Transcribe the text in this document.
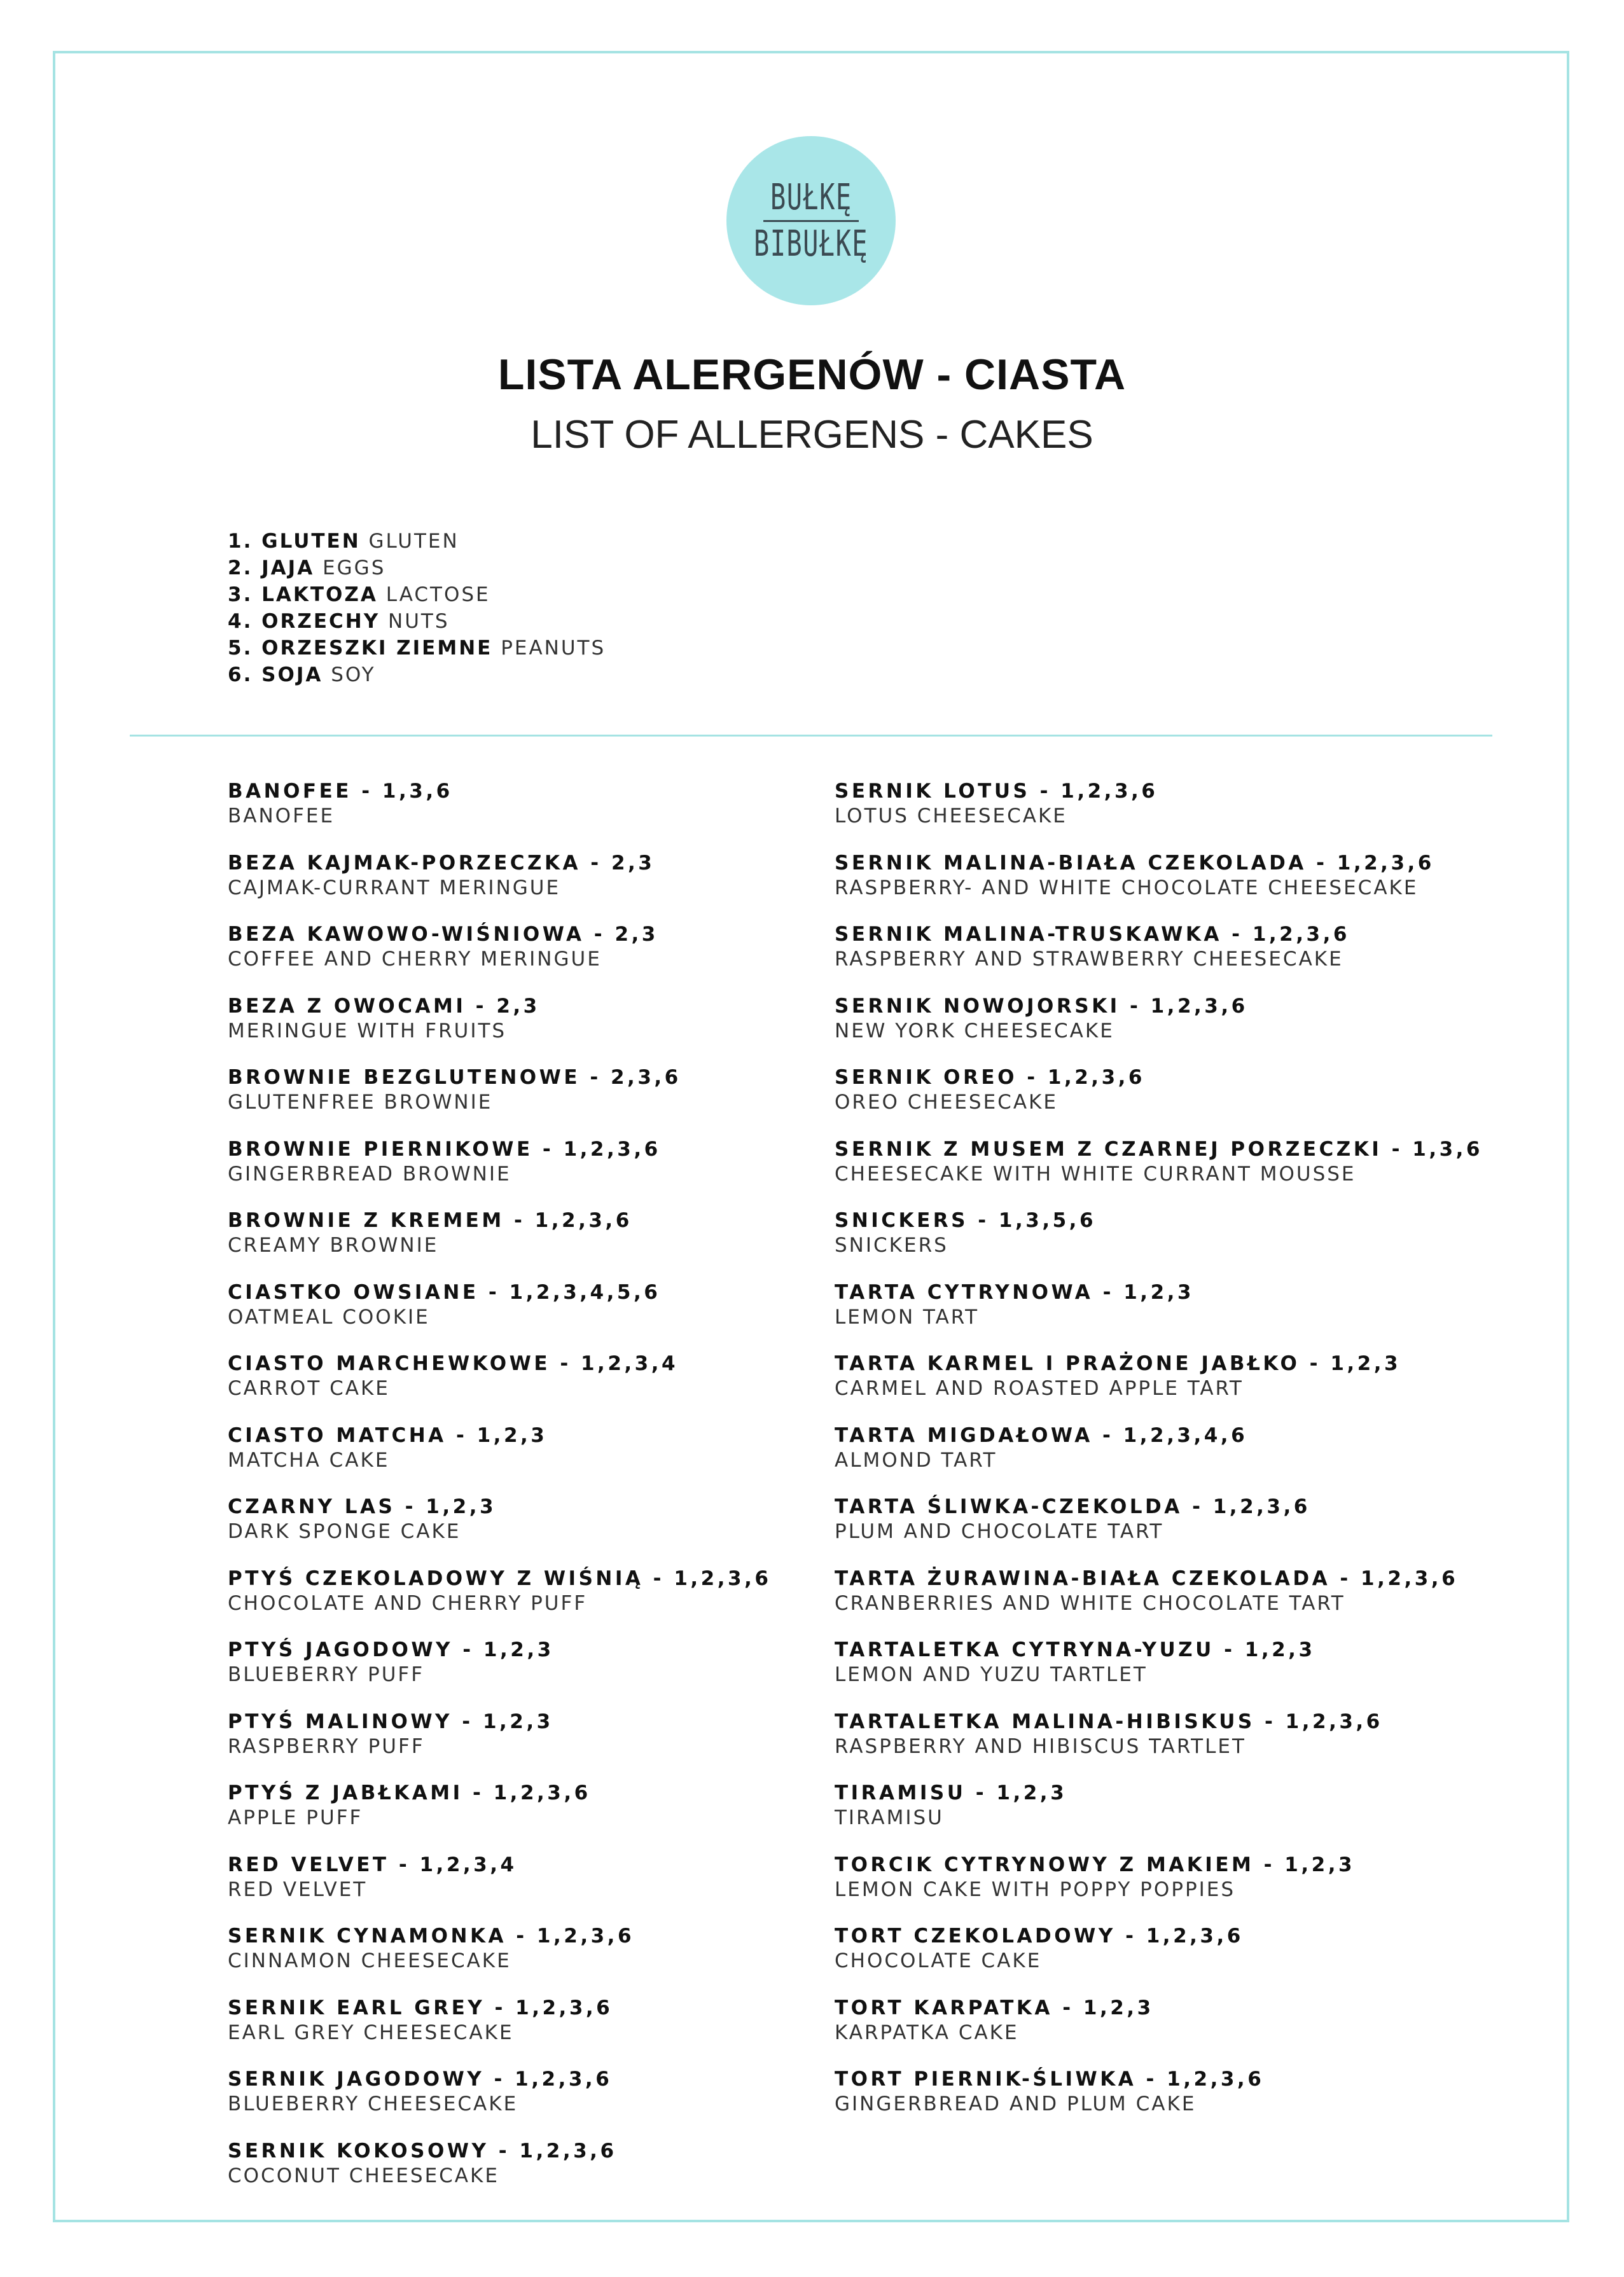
BUŁKĘ
BIBUŁKĘ
LISTA ALERGENÓW - CIASTA
LIST OF ALLERGENS - CAKES
1. GLUTEN GLUTEN
2. JAJA EGGS
3. LAKTOZA LACTOSE
4. ORZECHY NUTS
5. ORZESZKI ZIEMNE PEANUTS
6. SOJA SOY
BANOFEE - 1,3,6
BANOFEE
BEZA KAJMAK-PORZECZKA - 2,3
CAJMAK-CURRANT MERINGUE
BEZA KAWOWO-WIŚNIOWA - 2,3
COFFEE AND CHERRY MERINGUE
BEZA Z OWOCAMI - 2,3
MERINGUE WITH FRUITS
BROWNIE BEZGLUTENOWE - 2,3,6
GLUTENFREE BROWNIE
BROWNIE PIERNIKOWE - 1,2,3,6
GINGERBREAD BROWNIE
BROWNIE Z KREMEM - 1,2,3,6
CREAMY BROWNIE
CIASTKO OWSIANE - 1,2,3,4,5,6
OATMEAL COOKIE
CIASTO MARCHEWKOWE - 1,2,3,4
CARROT CAKE
CIASTO MATCHA - 1,2,3
MATCHA CAKE
CZARNY LAS - 1,2,3
DARK SPONGE CAKE
PTYŚ CZEKOLADOWY Z WIŚNIĄ - 1,2,3,6
CHOCOLATE AND CHERRY PUFF
PTYŚ JAGODOWY - 1,2,3
BLUEBERRY PUFF
PTYŚ MALINOWY - 1,2,3
RASPBERRY PUFF
PTYŚ Z JABŁKAMI - 1,2,3,6
APPLE PUFF
RED VELVET - 1,2,3,4
RED VELVET
SERNIK CYNAMONKA - 1,2,3,6
CINNAMON CHEESECAKE
SERNIK EARL GREY - 1,2,3,6
EARL GREY CHEESECAKE
SERNIK JAGODOWY - 1,2,3,6
BLUEBERRY CHEESECAKE
SERNIK KOKOSOWY - 1,2,3,6
COCONUT CHEESECAKE
SERNIK LOTUS - 1,2,3,6
LOTUS CHEESECAKE
SERNIK MALINA-BIAŁA CZEKOLADA - 1,2,3,6
RASPBERRY- AND WHITE CHOCOLATE CHEESECAKE
SERNIK MALINA-TRUSKAWKA - 1,2,3,6
RASPBERRY AND STRAWBERRY CHEESECAKE
SERNIK NOWOJORSKI - 1,2,3,6
NEW YORK CHEESECAKE
SERNIK OREO - 1,2,3,6
OREO CHEESECAKE
SERNIK Z MUSEM Z CZARNEJ PORZECZKI - 1,3,6
CHEESECAKE WITH WHITE CURRANT MOUSSE
SNICKERS - 1,3,5,6
SNICKERS
TARTA CYTRYNOWA - 1,2,3
LEMON TART
TARTA KARMEL I PRAŻONE JABŁKO - 1,2,3
CARMEL AND ROASTED APPLE TART
TARTA MIGDAŁOWA - 1,2,3,4,6
ALMOND TART
TARTA ŚLIWKA-CZEKOLDA - 1,2,3,6
PLUM AND CHOCOLATE TART
TARTA ŻURAWINA-BIAŁA CZEKOLADA - 1,2,3,6
CRANBERRIES AND WHITE CHOCOLATE TART
TARTALETKA CYTRYNA-YUZU - 1,2,3
LEMON AND YUZU TARTLET
TARTALETKA MALINA-HIBISKUS - 1,2,3,6
RASPBERRY AND HIBISCUS TARTLET
TIRAMISU - 1,2,3
TIRAMISU
TORCIK CYTRYNOWY Z MAKIEM - 1,2,3
LEMON CAKE WITH POPPY POPPIES
TORT CZEKOLADOWY - 1,2,3,6
CHOCOLATE CAKE
TORT KARPATKA - 1,2,3
KARPATKA CAKE
TORT PIERNIK-ŚLIWKA - 1,2,3,6
GINGERBREAD AND PLUM CAKE
